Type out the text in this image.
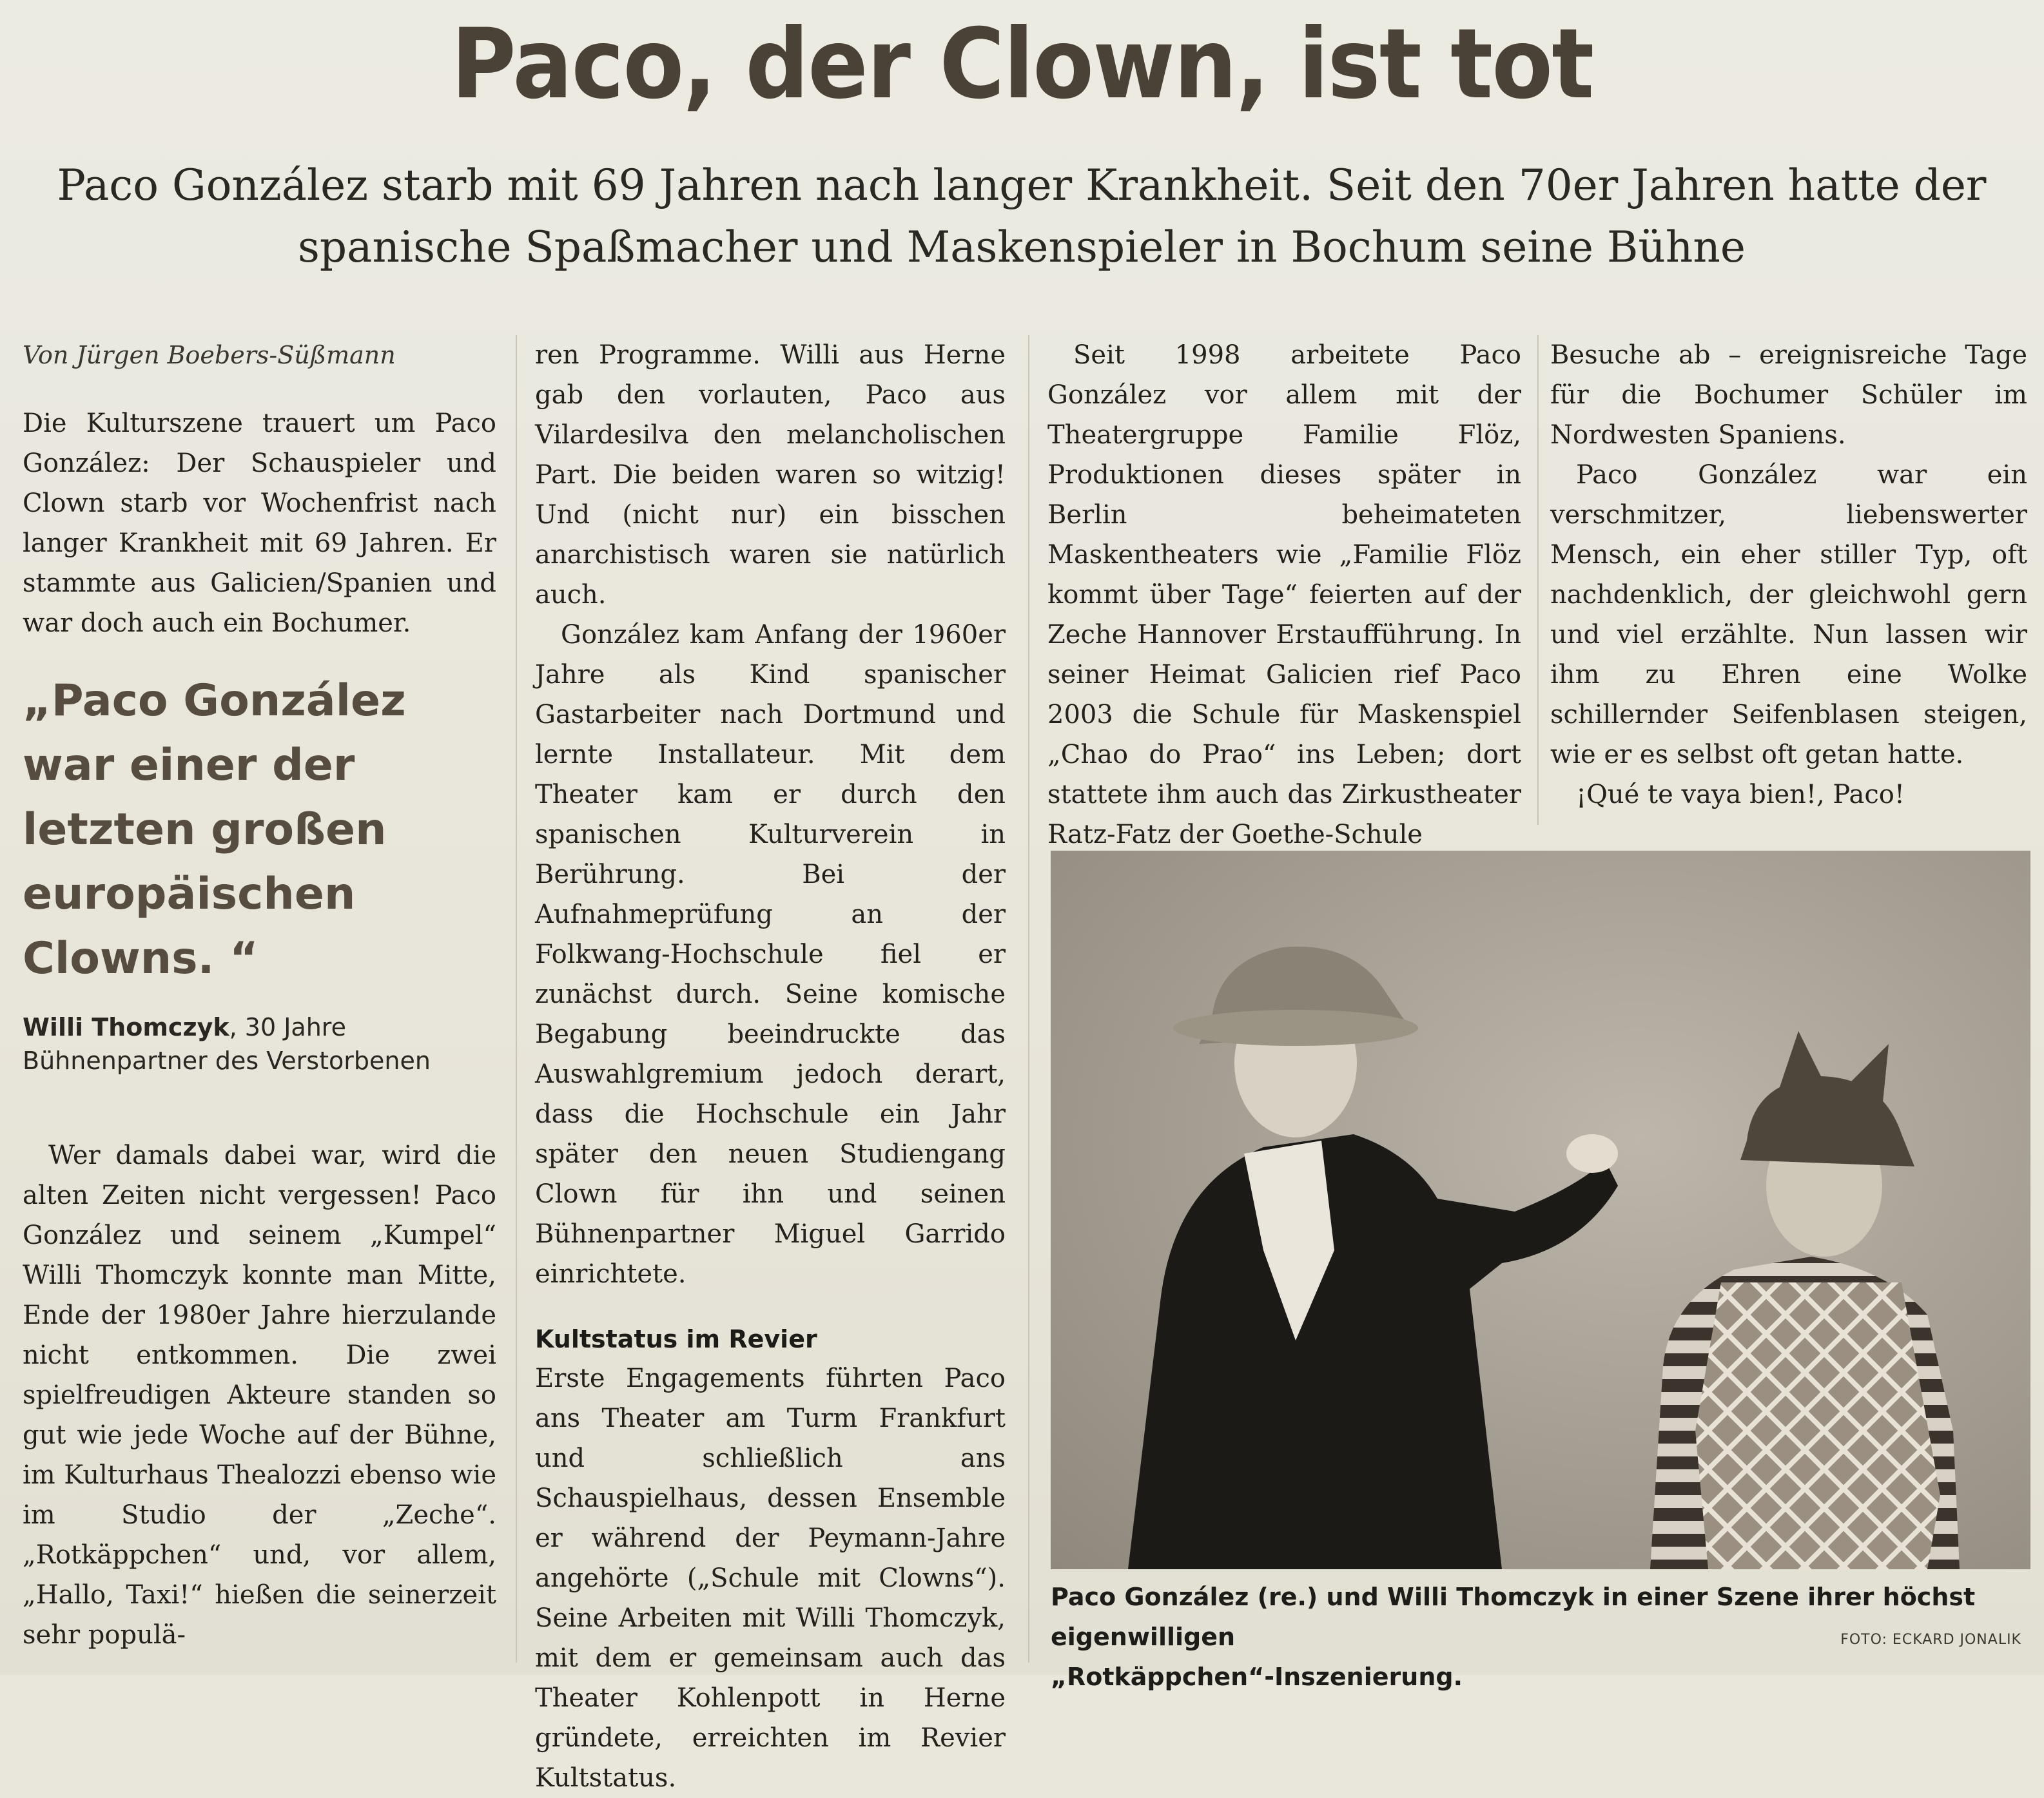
Paco, der Clown, ist tot
Paco González starb mit 69 Jahren nach langer Krankheit. Seit den 70er Jahren hatte der spanische Spaßmacher und Maskenspieler in Bochum seine Bühne

Von Jürgen Boebers-Süßmann

Die Kulturszene trauert um Paco González: Der Schauspieler und Clown starb vor Wochenfrist nach langer Krankheit mit 69 Jahren. Er stammte aus Galicien/Spanien und war doch auch ein Bochumer.

„Paco González war einer der letzten großen europäischen Clowns. “

Willi Thomczyk, 30 Jahre Bühnenpartner des Verstorbenen

Wer damals dabei war, wird die alten Zeiten nicht vergessen! Paco González und seinem „Kumpel“ Willi Thomczyk konnte man Mitte, Ende der 1980er Jahre hierzulande nicht entkommen. Die zwei spielfreudigen Akteure standen so gut wie jede Woche auf der Bühne, im Kulturhaus Thealozzi ebenso wie im Studio der „Zeche“. „Rotkäppchen“ und, vor allem, „Hallo, Taxi!“ hießen die seinerzeit sehr populä-

ren Programme. Willi aus Herne gab den vorlauten, Paco aus Vilardesilva den melancholischen Part. Die beiden waren so witzig! Und (nicht nur) ein bisschen anarchistisch waren sie natürlich auch.

González kam Anfang der 1960er Jahre als Kind spanischer Gastarbeiter nach Dortmund und lernte Installateur. Mit dem Theater kam er durch den spanischen Kulturverein in Berührung. Bei der Aufnahmeprüfung an der Folkwang-Hochschule fiel er zunächst durch. Seine komische Begabung beeindruckte das Auswahlgremium jedoch derart, dass die Hochschule ein Jahr später den neuen Studiengang Clown für ihn und seinen Bühnenpartner Miguel Garrido einrichtete.

Kultstatus im Revier

Erste Engagements führten Paco ans Theater am Turm Frankfurt und schließlich ans Schauspielhaus, dessen Ensemble er während der Peymann-Jahre angehörte („Schule mit Clowns“). Seine Arbeiten mit Willi Thomczyk, mit dem er gemeinsam auch das Theater Kohlenpott in Herne gründete, erreichten im Revier Kultstatus.

Seit 1998 arbeitete Paco González vor allem mit der Theatergruppe Familie Flöz, Produktionen dieses später in Berlin beheimateten Maskentheaters wie „Familie Flöz kommt über Tage“ feierten auf der Zeche Hannover Erstaufführung. In seiner Heimat Galicien rief Paco 2003 die Schule für Maskenspiel „Chao do Prao“ ins Leben; dort stattete ihm auch das Zirkustheater Ratz-Fatz der Goethe-Schule

Besuche ab – ereignisreiche Tage für die Bochumer Schüler im Nordwesten Spaniens.

Paco González war ein verschmitzer, liebenswerter Mensch, ein eher stiller Typ, oft nachdenklich, der gleichwohl gern und viel erzählte. Nun lassen wir ihm zu Ehren eine Wolke schillernder Seifenblasen steigen, wie er es selbst oft getan hatte.

¡Qué te vaya bien!, Paco!

Paco González (re.) und Willi Thomczyk in einer Szene ihrer höchst eigenwilligen
„Rotkäppchen“-Inszenierung.
FOTO: ECKARD JONALIK
